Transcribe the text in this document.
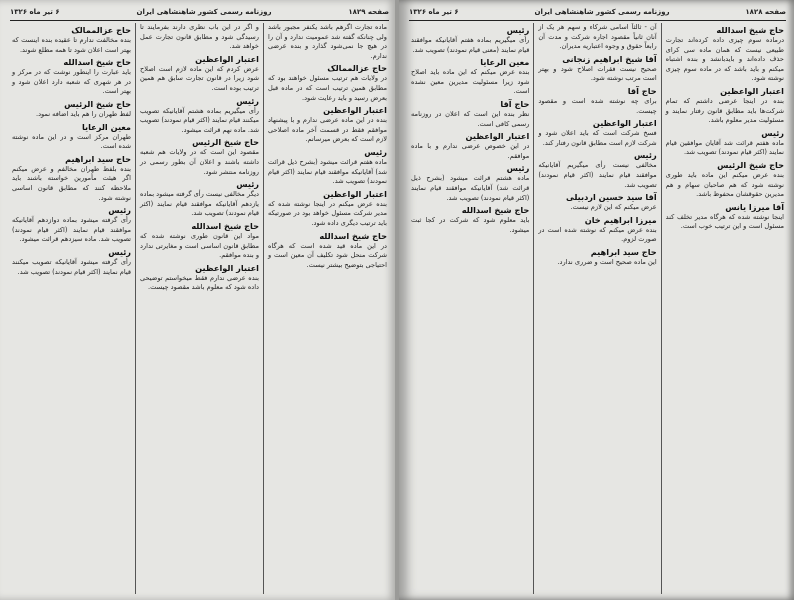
صفحه ۱۸۲۹
روزنامه رسمی کشور شاهنشاهی ایران
۶ تیر ماه ۱۳۲۶
ماده تجارت اگرهم باشد یکنفر مجبور باشد ولی چنانکه گفته شد عمومیت ندارد و آن را در هیچ جا نمی‌شود گذارد و بنده عرضی ندارم.
حاج عزالممالک
در ولایات هم ترتیب مسئول خواهند بود که مطابق همین ترتیب است که در ماده قبل بعرض رسید و باید رعایت شود.
اعتبار الواعظین
بنده در این ماده عرضی ندارم و با پیشنهاد موافقم فقط در قسمت آخر ماده اصلاحی لازم است که بعرض میرسانم.
رئیس
ماده هفتم قرائت میشود (بشرح ذیل قرائت شد) آقایانیکه موافقند قیام نمایند (اکثر قیام نمودند) تصویب شد.
اعتبار الواعظین
بنده عرض میکنم در اینجا نوشته شده که مدیر شرکت مسئول خواهد بود در صورتیکه باید ترتیب دیگری داده شود.
حاج شیخ اسدالله
در این ماده قید شده است که هرگاه شرکت منحل شود تکلیف آن معین است و احتیاجی بتوضیح بیشتر نیست.
و اگر در این باب نظری دارند بفرمایند تا رسیدگی شود و مطابق قانون تجارت عمل خواهد شد.
اعتبار الواعظین
عرض کردم که این ماده لازم است اصلاح شود زیرا در قانون تجارت سابق هم همین ترتیب بوده است.
رئیس
رأی میگیریم بماده هشتم آقایانیکه تصویب میکنند قیام نمایند (اکثر قیام نمودند) تصویب شد. ماده نهم قرائت میشود.
حاج شیخ الرئیس
مقصود این است که در ولایات هم شعبه داشته باشند و اعلان آن بطور رسمی در روزنامه منتشر شود.
رئیس
دیگر مخالفی نیست رأی گرفته میشود بماده یازدهم آقایانیکه موافقند قیام نمایند (اکثر قیام نمودند) تصویب شد.
حاج شیخ اسدالله
مواد این قانون طوری نوشته شده که مطابق قانون اساسی است و مغایرتی ندارد و بنده موافقم.
اعتبار الواعظین
بنده عرضی ندارم فقط میخواستم توضیحی داده شود که معلوم باشد مقصود چیست.
حاج عزالممالک
بنده مخالفت ندارم تا عقیده بنده اینست که بهتر است اعلان شود تا همه مطلع شوند.
حاج شیخ اسدالله
باید عبارت را اینطور نوشت که در مرکز و در هر شهری که شعبه دارد اعلان شود و بهتر است.
حاج شیخ الرئیس
لفظ طهران را هم باید اضافه نمود.
معین الرعایا
طهران مرکز است و در این ماده نوشته شده است.
حاج سید ابراهیم
بنده بلفظ طهران مخالفم و عرض میکنم اگر هیئت مأمورین خواسته باشند باید ملاحظه کنند که مطابق قانون اساسی نوشته شود.
رئیس
رأی گرفته میشود بماده دوازدهم آقایانیکه موافقند قیام نمایند (اکثر قیام نمودند) تصویب شد. ماده سیزدهم قرائت میشود.
رئیس
رأی گرفته میشود آقایانیکه تصویب میکنند قیام نمایند (اکثر قیام نمودند) تصویب شد.
صفحه ۱۸۲۸
روزنامه رسمی کشور شاهنشاهی ایران
۶ تیر ماه ۱۳۲۶
حاج شیخ اسدالله
درماده سوم چیزی داده کرده‌اند تجارت طبیعی نیست که همان ماده سی کرای حذف داده‌اند و بایدبانشد و بنده اشتباه میکنم و باید باشد که در ماده سوم چیزی نوشته شود.
اعتبار الواعظین
بنده در اینجا عرضی داشتم که تمام شرکت‌ها باید مطابق قانون رفتار نمایند و مسئولیت مدیر معلوم باشد.
رئیس
ماده هفتم قرائت شد آقایان موافقین قیام نمایند (اکثر قیام نمودند) تصویب شد.
حاج شیخ الرئیس
بنده عرض میکنم این ماده باید طوری نوشته شود که هم صاحبان سهام و هم مدیرین حقوقشان محفوظ باشد.
آقا میرزا یانس
اینجا نوشته شده که هرگاه مدیر تخلف کند مسئول است و این ترتیب خوب است.
آن - ثالثاً اسامی شرکاء و سهم هر یک از آنان ثانیاً مقصود اجاره شرکت و مدت آن رابعاً حقوق و وجوه اعتباریه مدیران.
آقا شیخ ابراهیم زنجانی
صحیح نیست فقرات اصلاح شود و بهتر است مرتب نوشته شود.
حاج آقا
برای چه نوشته شده است و مقصود چیست.
اعتبار الواعظین
فسخ شرکت است که باید اعلان شود و شرکت لازم است مطابق قانون رفتار کند.
رئیس
مخالفی نیست رأی میگیریم آقایانیکه موافقند قیام نمایند (اکثر قیام نمودند) تصویب شد.
آقا سید حسین اردبیلی
عرض میکنم که این لازم نیست.
میرزا ابراهیم خان
بنده عرض میکنم که نوشته شده است در صورت لزوم.
حاج سید ابراهیم
این ماده صحیح است و ضرری ندارد.
رئیس
رأی میگیریم بماده هفتم آقایانیکه موافقند قیام نمایند (معنی قیام نمودند) تصویب شد.
معین الرعایا
بنده عرض میکنم که این ماده باید اصلاح شود زیرا مسئولیت مدیرین معین نشده است.
حاج آقا
نظر بنده این است که اعلان در روزنامه رسمی کافی است.
اعتبار الواعظین
در این خصوص عرضی ندارم و با ماده موافقم.
رئیس
ماده هشتم قرائت میشود (بشرح ذیل قرائت شد) آقایانیکه موافقند قیام نمایند (اکثر قیام نمودند) تصویب شد.
حاج شیخ اسدالله
باید معلوم شود که شرکت در کجا ثبت میشود.
